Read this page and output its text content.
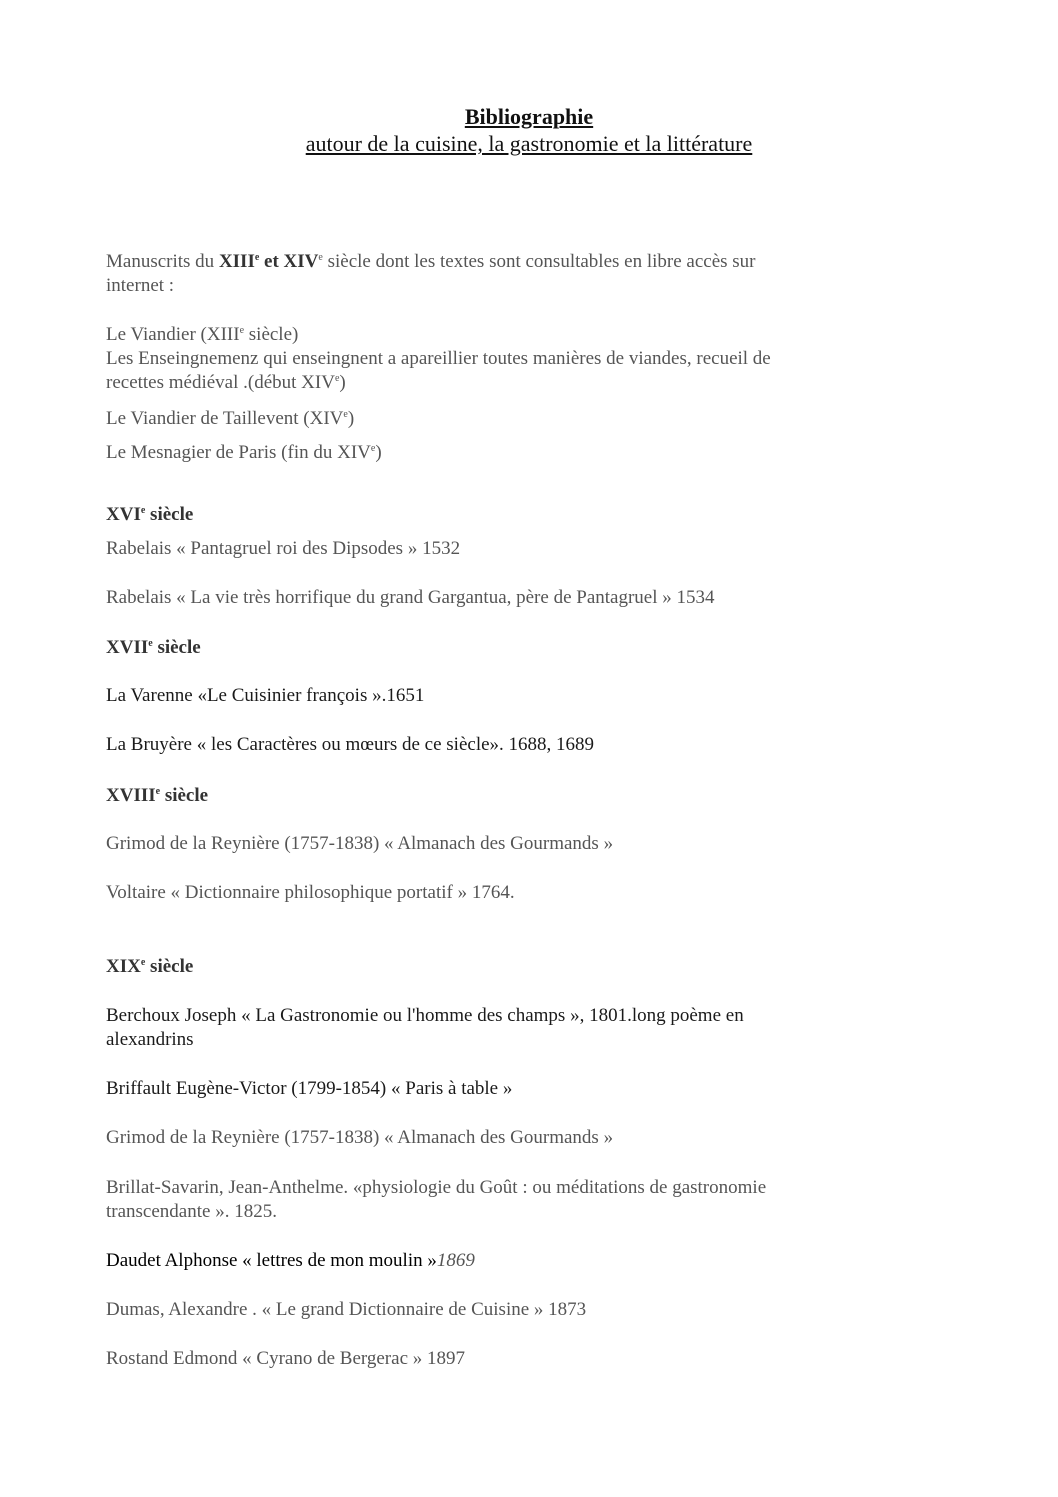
Bibliographie
autour de la cuisine, la gastronomie et la littérature
Manuscrits du XIIIe et XIVe siècle dont les textes sont consultables en libre accès sur
internet :
Le Viandier (XIIIe siècle)
Les Enseingnemenz qui enseingnent a apareillier toutes manières de viandes, recueil de
recettes médiéval .(début XIVe)
Le Viandier de Taillevent (XIVe)
Le Mesnagier de Paris (fin du XIVe)
XVIe siècle
Rabelais « Pantagruel roi des Dipsodes » 1532
Rabelais « La vie très horrifique du grand Gargantua, père de Pantagruel » 1534
XVIIe siècle
La Varenne «Le Cuisinier françois ».1651
La Bruyère « les Caractères ou mœurs de ce siècle». 1688, 1689
XVIIIe siècle
Grimod de la Reynière (1757-1838) « Almanach des Gourmands »
Voltaire « Dictionnaire philosophique portatif » 1764.
XIXe siècle
Berchoux Joseph « La Gastronomie ou l'homme des champs », 1801.long poème en
alexandrins
Briffault Eugène-Victor (1799-1854) « Paris à table »
Grimod de la Reynière (1757-1838) « Almanach des Gourmands »
Brillat-Savarin, Jean-Anthelme. «physiologie du Goût : ou méditations de gastronomie
transcendante ». 1825.
Daudet Alphonse « lettres de mon moulin »1869
Dumas, Alexandre . « Le grand Dictionnaire de Cuisine » 1873
Rostand Edmond « Cyrano de Bergerac » 1897
